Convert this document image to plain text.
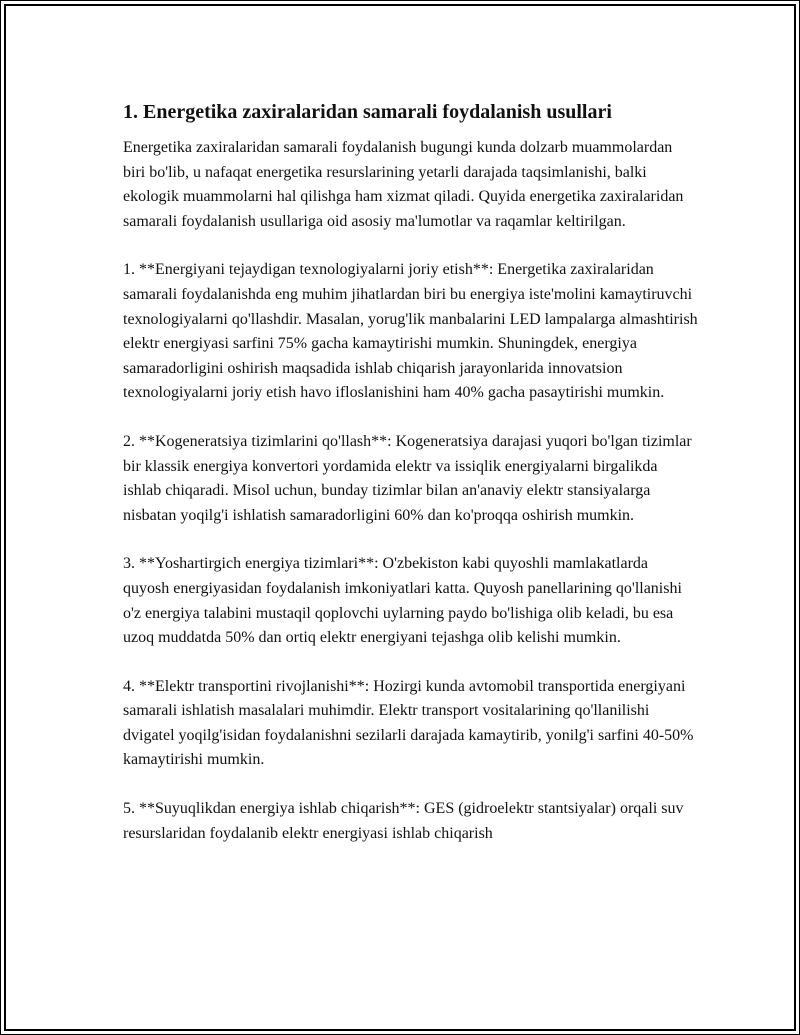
1. Energetika zaxiralaridan samarali foydalanish usullari

Energetika zaxiralaridan samarali foydalanish bugungi kunda dolzarb muammolardan biri bo'lib, u nafaqat energetika resurslarining yetarli darajada taqsimlanishi, balki ekologik muammolarni hal qilishga ham xizmat qiladi. Quyida energetika zaxiralaridan samarali foydalanish usullariga oid asosiy ma'lumotlar va raqamlar keltirilgan.

1. **Energiyani tejaydigan texnologiyalarni joriy etish**: Energetika zaxiralaridan samarali foydalanishda eng muhim jihatlardan biri bu energiya iste'molini kamaytiruvchi texnologiyalarni qo'llashdir. Masalan, yorug'lik manbalarini LED lampalarga almashtirish elektr energiyasi sarfini 75% gacha kamaytirishi mumkin. Shuningdek, energiya samaradorligini oshirish maqsadida ishlab chiqarish jarayonlarida innovatsion texnologiyalarni joriy etish havo ifloslanishini ham 40% gacha pasaytirishi mumkin.

2. **Kogeneratsiya tizimlarini qo'llash**: Kogeneratsiya darajasi yuqori bo'lgan tizimlar bir klassik energiya konvertori yordamida elektr va issiqlik energiyalarni birgalikda ishlab chiqaradi. Misol uchun, bunday tizimlar bilan an'anaviy elektr stansiyalarga nisbatan yoqilg'i ishlatish samaradorligini 60% dan ko'proqqa oshirish mumkin.

3. **Yoshartirgich energiya tizimlari**: O'zbekiston kabi quyoshli mamlakatlarda quyosh energiyasidan foydalanish imkoniyatlari katta. Quyosh panellarining qo'llanishi o'z energiya talabini mustaqil qoplovchi uylarning paydo bo'lishiga olib keladi, bu esa uzoq muddatda 50% dan ortiq elektr energiyani tejashga olib kelishi mumkin.

4. **Elektr transportini rivojlanishi**: Hozirgi kunda avtomobil transportida energiyani samarali ishlatish masalalari muhimdir. Elektr transport vositalarining qo'llanilishi dvigatel yoqilg'isidan foydalanishni sezilarli darajada kamaytirib, yonilg'i sarfini 40-50% kamaytirishi mumkin.

5. **Suyuqlikdan energiya ishlab chiqarish**: GES (gidroelektr stantsiyalar) orqali suv resurslaridan foydalanib elektr energiyasi ishlab chiqarish
